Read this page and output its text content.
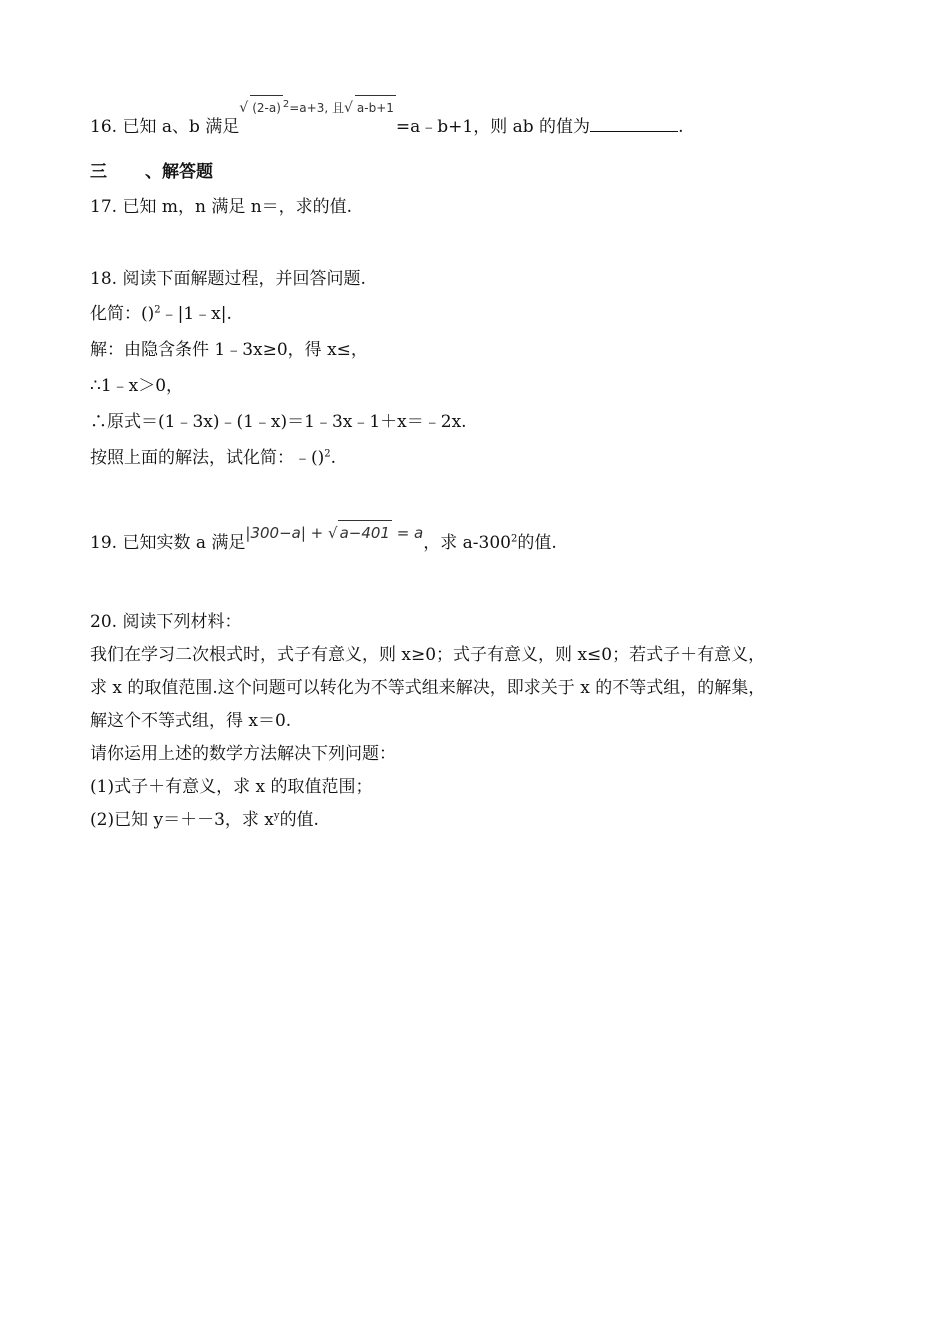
16. 已知 a、b 满足√ (2-a) $^2$=a+3, 且√ a-b+1=a﹣b+1，则 ab 的值为	.
三 、解答题
17. 已知 m，n 满足 n＝，求的值.
18. 阅读下面解题过程，并回答问题.
化简：()$^2$﹣|1﹣x|.
解：由隐含条件 1﹣3x≥0，得 x≤，
∴1﹣x＞0，
∴原式＝(1﹣3x)﹣(1﹣x)＝1﹣3x﹣1＋x＝﹣2x.
按照上面的解法，试化简：﹣()$^2$.
19. 已知实数 a 满足|300−a| + √ a−401 = a，求 $a-300^2$的值.
20. 阅读下列材料：
我们在学习二次根式时，式子有意义，则 x≥0；式子有意义，则 x≤0；若式子＋有意义，
求 x 的取值范围.这个问题可以转化为不等式组来解决，即求关于 x 的不等式组，的解集，
解这个不等式组，得 x＝0.
请你运用上述的数学方法解决下列问题：
(1)式子＋有意义，求 x 的取值范围；
(2)已知 y＝＋－3，求 $x^y$的值.
